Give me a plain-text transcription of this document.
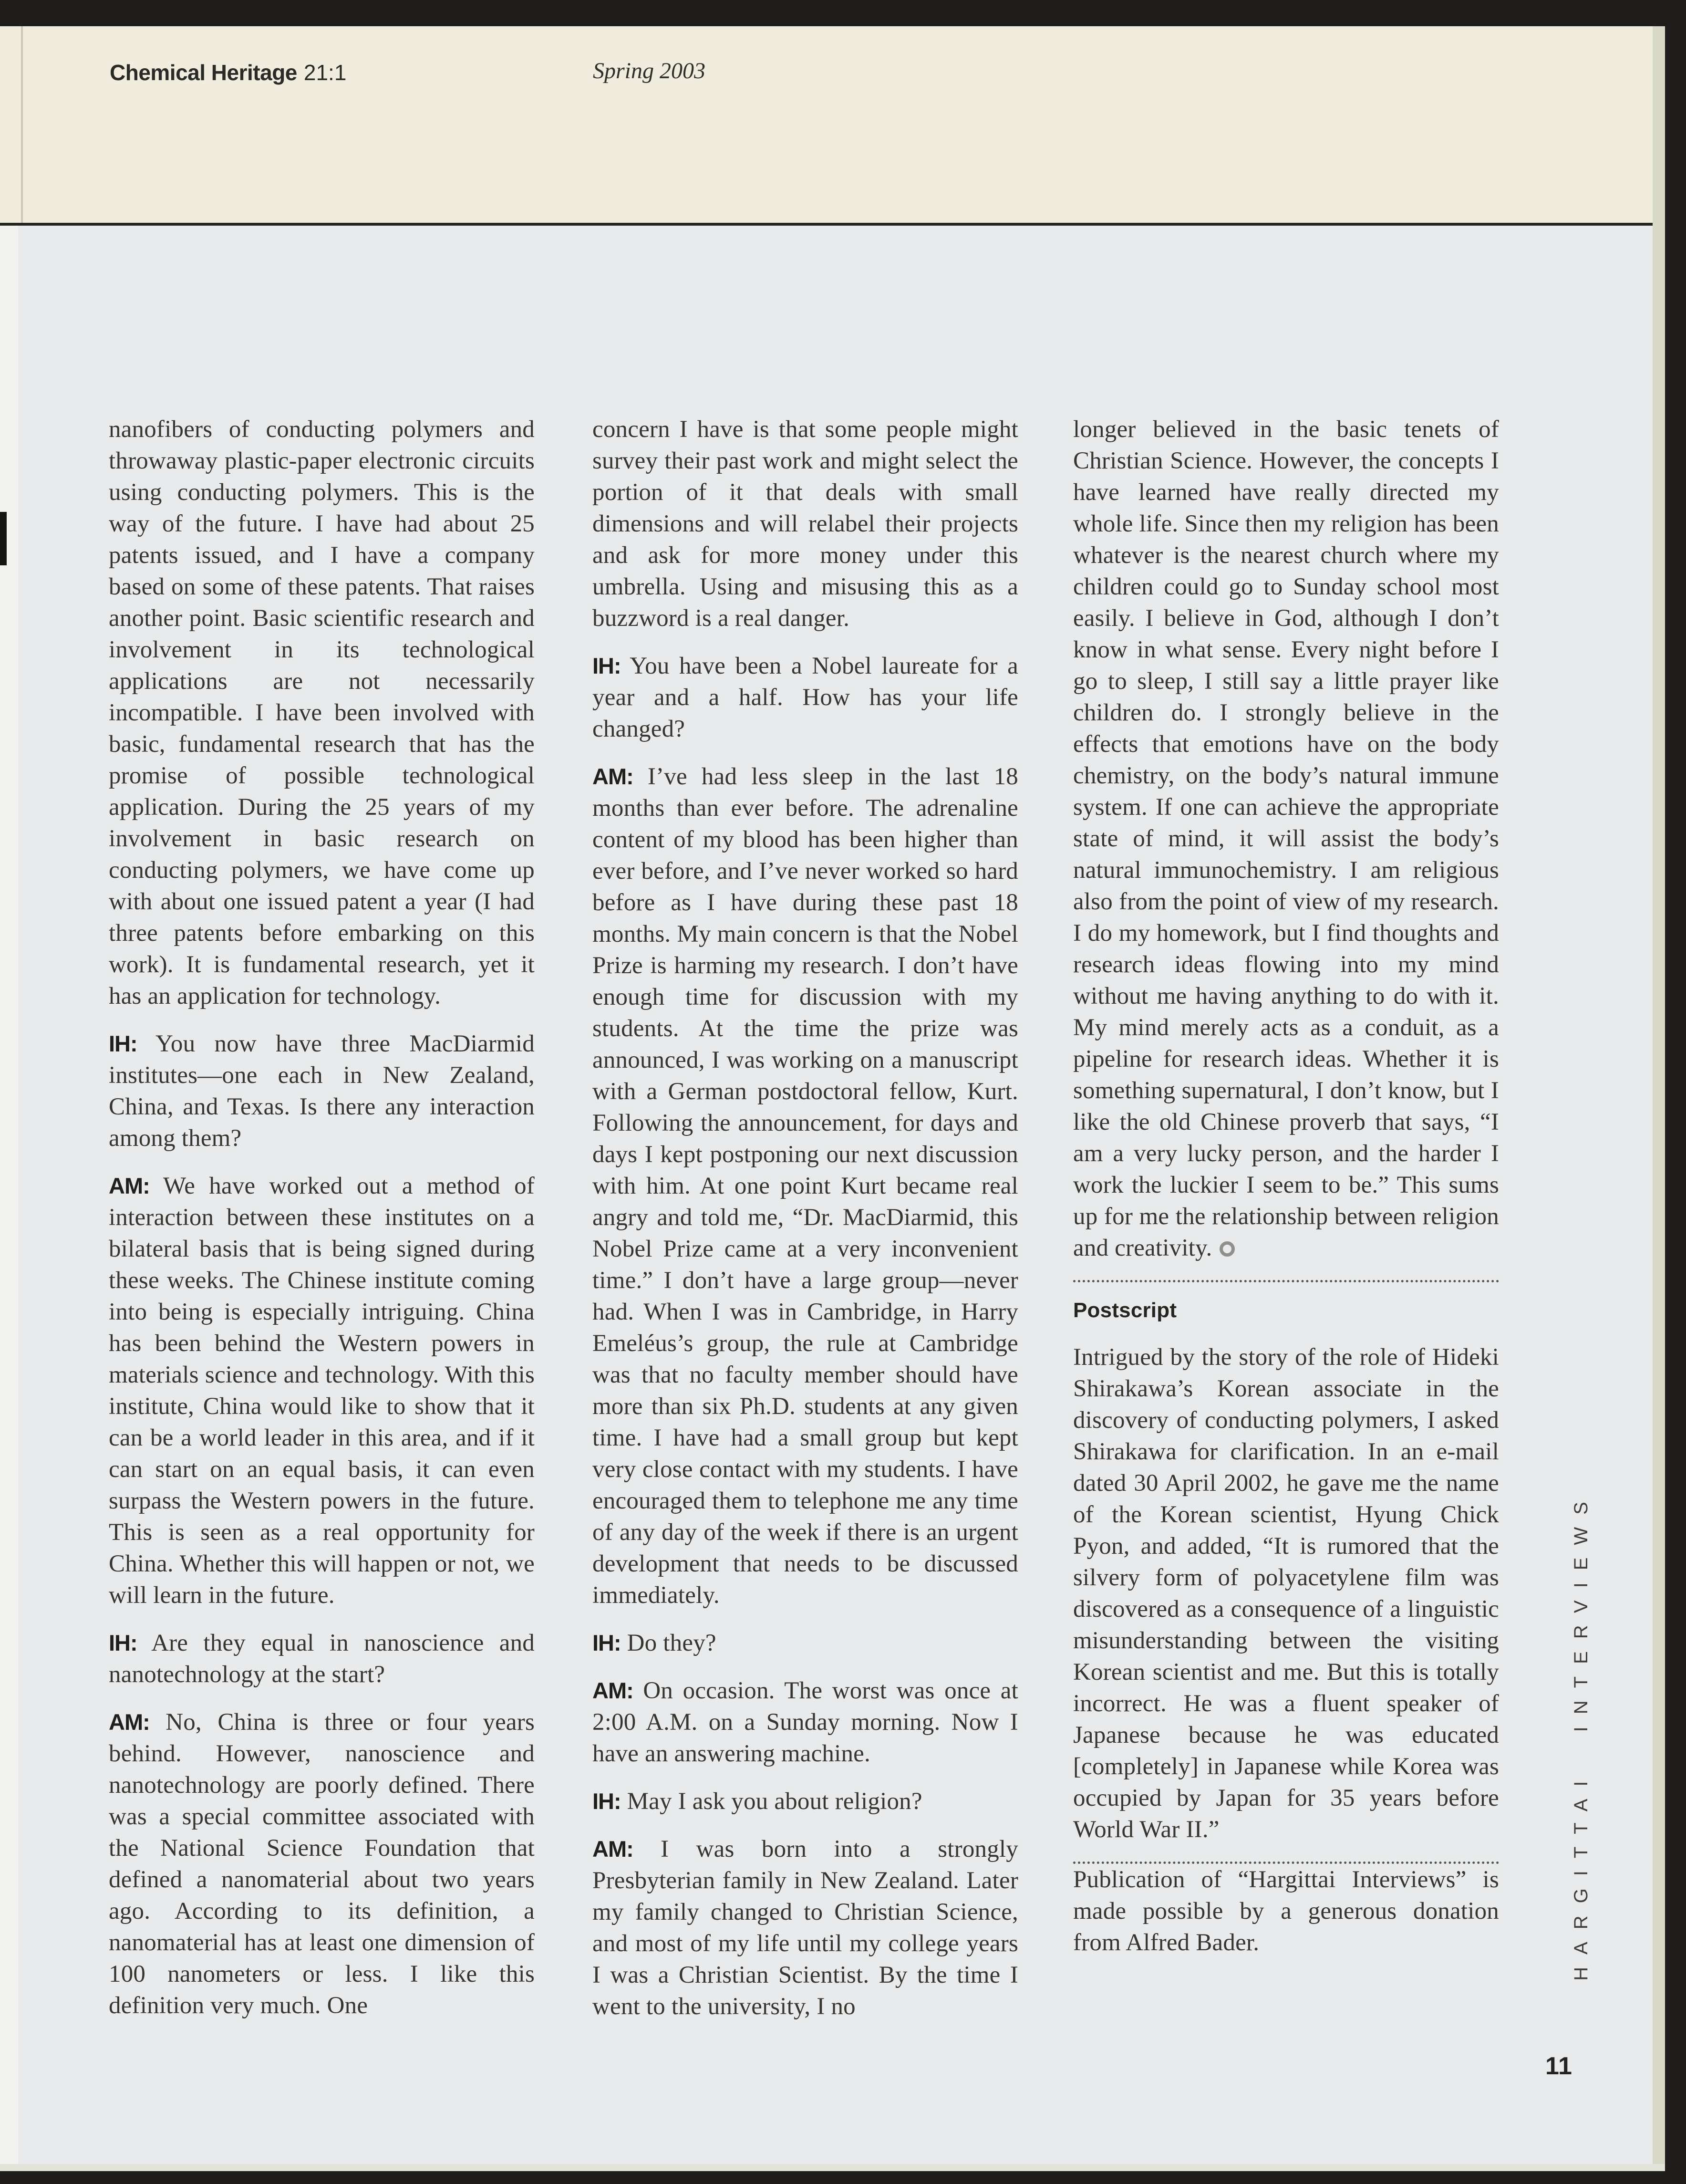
Chemical Heritage 21:1	Spring 2003

nanofibers of conducting polymers and throwaway plastic-paper electronic circuits using conducting polymers. This is the way of the future. I have had about 25 patents issued, and I have a company based on some of these patents. That raises another point. Basic scientific research and involvement in its technological applications are not necessarily incompatible. I have been involved with basic, fundamental research that has the promise of possible technological application. During the 25 years of my involvement in basic research on conducting polymers, we have come up with about one issued patent a year (I had three patents before embarking on this work). It is fundamental research, yet it has an application for technology.

IH: You now have three MacDiarmid institutes—one each in New Zealand, China, and Texas. Is there any interaction among them?

AM: We have worked out a method of interaction between these institutes on a bilateral basis that is being signed during these weeks. The Chinese institute coming into being is especially intriguing. China has been behind the Western powers in materials science and technology. With this institute, China would like to show that it can be a world leader in this area, and if it can start on an equal basis, it can even surpass the Western powers in the future. This is seen as a real opportunity for China. Whether this will happen or not, we will learn in the future.

IH: Are they equal in nanoscience and nanotechnology at the start?

AM: No, China is three or four years behind. However, nanoscience and nanotechnology are poorly defined. There was a special committee associated with the National Science Foundation that defined a nanomaterial about two years ago. According to its definition, a nanomaterial has at least one dimension of 100 nanometers or less. I like this definition very much. One

concern I have is that some people might survey their past work and might select the portion of it that deals with small dimensions and will relabel their projects and ask for more money under this umbrella. Using and misusing this as a buzzword is a real danger.

IH: You have been a Nobel laureate for a year and a half. How has your life changed?

AM: I’ve had less sleep in the last 18 months than ever before. The adrenaline content of my blood has been higher than ever before, and I’ve never worked so hard before as I have during these past 18 months. My main concern is that the Nobel Prize is harming my research. I don’t have enough time for discussion with my students. At the time the prize was announced, I was working on a manuscript with a German postdoctoral fellow, Kurt. Following the announcement, for days and days I kept postponing our next discussion with him. At one point Kurt became real angry and told me, “Dr. MacDiarmid, this Nobel Prize came at a very inconvenient time.” I don’t have a large group—never had. When I was in Cambridge, in Harry Emeléus’s group, the rule at Cambridge was that no faculty member should have more than six Ph.D. students at any given time. I have had a small group but kept very close contact with my students. I have encouraged them to telephone me any time of any day of the week if there is an urgent development that needs to be discussed immediately.

IH: Do they?

AM: On occasion. The worst was once at 2:00 A.M. on a Sunday morning. Now I have an answering machine.

IH: May I ask you about religion?

AM: I was born into a strongly Presbyterian family in New Zealand. Later my family changed to Christian Science, and most of my life until my college years I was a Christian Scientist. By the time I went to the university, I no

longer believed in the basic tenets of Christian Science. However, the concepts I have learned have really directed my whole life. Since then my religion has been whatever is the nearest church where my children could go to Sunday school most easily. I believe in God, although I don’t know in what sense. Every night before I go to sleep, I still say a little prayer like children do. I strongly believe in the effects that emotions have on the body chemistry, on the body’s natural immune system. If one can achieve the appropriate state of mind, it will assist the body’s natural immunochemistry. I am religious also from the point of view of my research. I do my homework, but I find thoughts and research ideas flowing into my mind without me having anything to do with it. My mind merely acts as a conduit, as a pipeline for research ideas. Whether it is something supernatural, I don’t know, but I like the old Chinese proverb that says, “I am a very lucky person, and the harder I work the luckier I seem to be.” This sums up for me the relationship between religion and creativity.

Postscript

Intrigued by the story of the role of Hideki Shirakawa’s Korean associate in the discovery of conducting polymers, I asked Shirakawa for clarification. In an e-mail dated 30 April 2002, he gave me the name of the Korean scientist, Hyung Chick Pyon, and added, “It is rumored that the silvery form of polyacetylene film was discovered as a consequence of a linguistic misunderstanding between the visiting Korean scientist and me. But this is totally incorrect. He was a fluent speaker of Japanese because he was educated [completely] in Japanese while Korea was occupied by Japan for 35 years before World War II.”

Publication of “Hargittai Interviews” is made possible by a generous donation from Alfred Bader.	HARGITTAI INTERVIEWS
11
